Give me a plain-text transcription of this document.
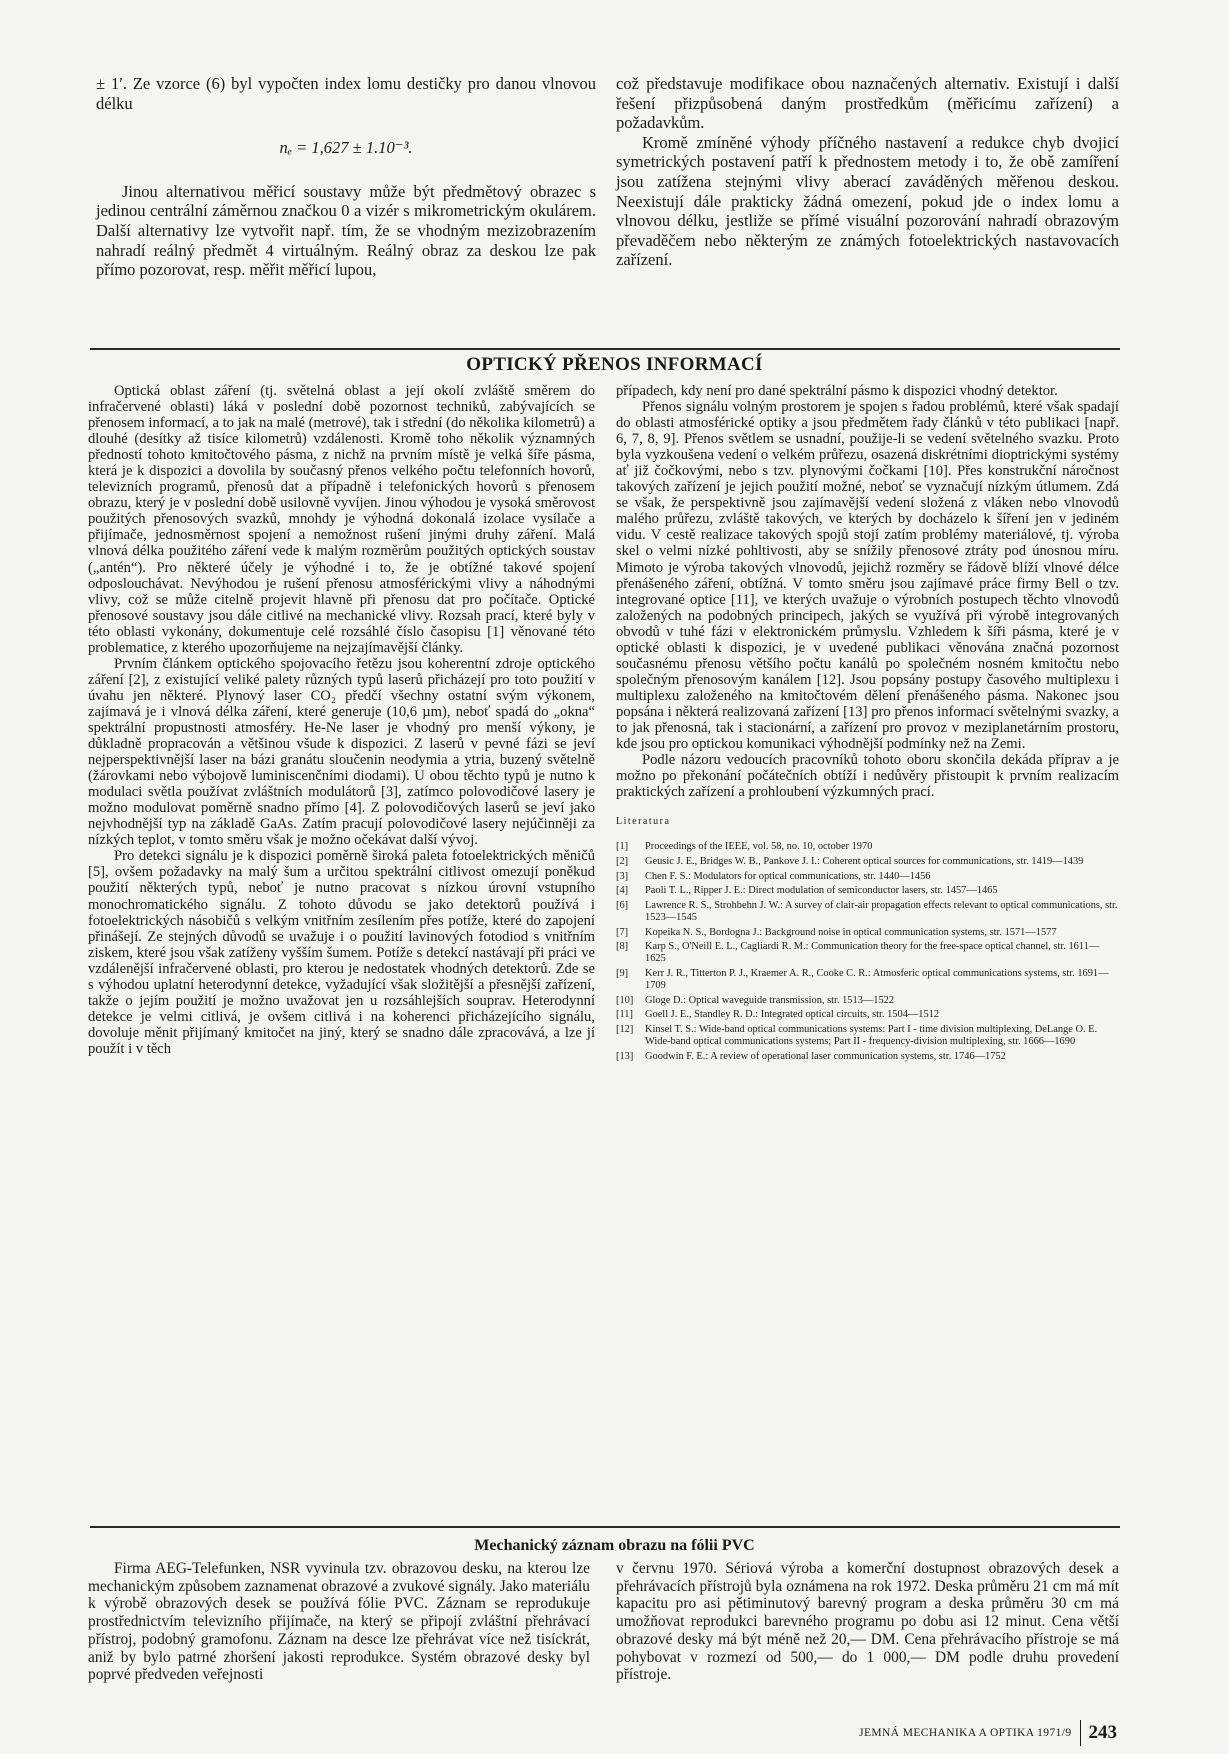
± 1′. Ze vzorce (6) byl vypočten index lomu destičky pro danou vlnovou délku

nₑ = 1,627 ± 1.10⁻³.

Jinou alternativou měřicí soustavy může být předmětový obrazec s jedinou centrální záměrnou značkou 0 a vizér s mikrometrickým okulárem. Další alternativy lze vytvořit např. tím, že se vhodným mezizobrazením nahradí reálný předmět 4 virtuálným. Reálný obraz za deskou lze pak přímo pozorovat, resp. měřit měřicí lupou,

což představuje modifikace obou naznačených alternativ. Existují i další řešení přizpůsobená daným prostředkům (měřicímu zařízení) a požadavkům.

Kromě zmíněné výhody příčného nastavení a redukce chyb dvojicí symetrických postavení patří k přednostem metody i to, že obě zamíření jsou zatížena stejnými vlivy aberací zaváděných měřenou deskou. Neexistují dále prakticky žádná omezení, pokud jde o index lomu a vlnovou délku, jestliže se přímé visuální pozorování nahradí obrazovým převaděčem nebo některým ze známých fotoelektrických nastavovacích zařízení.

OPTICKÝ PŘENOS INFORMACÍ

Optická oblast záření (tj. světelná oblast a její okolí zvláště směrem do infračervené oblasti) láká v poslední době pozornost techniků, zabývajících se přenosem informací, a to jak na malé (metrové), tak i střední (do několika kilometrů) a dlouhé (desítky až tisíce kilometrů) vzdálenosti. Kromě toho několik významných předností tohoto kmitočtového pásma, z nichž na prvním místě je velká šíře pásma, která je k dispozici a dovolila by současný přenos velkého počtu telefonních hovorů, televizních programů, přenosů dat a případně i telefonických hovorů s přenosem obrazu, který je v poslední době usilovně vyvíjen. Jinou výhodou je vysoká směrovost použitých přenosových svazků, mnohdy je výhodná dokonalá izolace vysílače a přijímače, jednosměrnost spojení a nemožnost rušení jinými druhy záření. Malá vlnová délka použitého záření vede k malým rozměrům použitých optických soustav („antén“). Pro některé účely je výhodné i to, že je obtížné takové spojení odposlouchávat. Nevýhodou je rušení přenosu atmosférickými vlivy a náhodnými vlivy, což se může citelně projevit hlavně při přenosu dat pro počítače. Optické přenosové soustavy jsou dále citlivé na mechanické vlivy. Rozsah prací, které byly v této oblasti vykonány, dokumentuje celé rozsáhlé číslo časopisu [1] věnované této problematice, z kterého upozorňujeme na nejzajímavější články.

Prvním článkem optického spojovacího řetězu jsou koherentní zdroje optického záření [2], z existující veliké palety různých typů laserů přicházejí pro toto použití v úvahu jen některé. Plynový laser CO₂ předčí všechny ostatní svým výkonem, zajímavá je i vlnová délka záření, které generuje (10,6 µm), neboť spadá do „okna“ spektrální propustnosti atmosféry. He-Ne laser je vhodný pro menší výkony, je důkladně propracován a většinou všude k dispozici. Z laserů v pevné fázi se jeví nejperspektivnější laser na bázi granátu sloučenin neodymia a ytria, buzený světelně (žárovkami nebo výbojově luminiscenčními diodami). U obou těchto typů je nutno k modulaci světla používat zvláštních modulátorů [3], zatímco polovodičové lasery je možno modulovat poměrně snadno přímo [4]. Z polovodičových laserů se jeví jako nejvhodnější typ na základě GaAs. Zatím pracují polovodičové lasery nejúčinněji za nízkých teplot, v tomto směru však je možno očekávat další vývoj.

Pro detekci signálu je k dispozici poměrně široká paleta fotoelektrických měničů [5], ovšem požadavky na malý šum a určitou spektrální citlivost omezují poněkud použití některých typů, neboť je nutno pracovat s nízkou úrovní vstupního monochromatického signálu. Z tohoto důvodu se jako detektorů používá i fotoelektrických násobičů s velkým vnitřním zesílením přes potíže, které do zapojení přinášejí. Ze stejných důvodů se uvažuje i o použití lavinových fotodiod s vnitřním ziskem, které jsou však zatíženy vyšším šumem. Potíže s detekcí nastávají při práci ve vzdálenější infračervené oblasti, pro kterou je nedostatek vhodných detektorů. Zde se s výhodou uplatní heterodynní detekce, vyžadující však složitější a přesnější zařízení, takže o jejím použití je možno uvažovat jen u rozsáhlejších souprav. Heterodynní detekce je velmi citlivá, je ovšem citlivá i na koherenci přicházejícího signálu, dovoluje měnit přijímaný kmitočet na jiný, který se snadno dále zpracovává, a lze jí použít i v těch

případech, kdy není pro dané spektrální pásmo k dispozici vhodný detektor.

Přenos signálu volným prostorem je spojen s řadou problémů, které však spadají do oblasti atmosférické optiky a jsou předmětem řady článků v této publikaci [např. 6, 7, 8, 9]. Přenos světlem se usnadní, použije-li se vedení světelného svazku. Proto byla vyzkoušena vedení o velkém průřezu, osazená diskrétními dioptrickými systémy ať již čočkovými, nebo s tzv. plynovými čočkami [10]. Přes konstrukční náročnost takových zařízení je jejich použití možné, neboť se vyznačují nízkým útlumem. Zdá se však, že perspektivně jsou zajímavější vedení složená z vláken nebo vlnovodů malého průřezu, zvláště takových, ve kterých by docházelo k šíření jen v jediném vidu. V cestě realizace takových spojů stojí zatím problémy materiálové, tj. výroba skel o velmi nízké pohltivosti, aby se snížily přenosové ztráty pod únosnou míru. Mimoto je výroba takových vlnovodů, jejichž rozměry se řádově blíží vlnové délce přenášeného záření, obtížná. V tomto směru jsou zajímavé práce firmy Bell o tzv. integrované optice [11], ve kterých uvažuje o výrobních postupech těchto vlnovodů založených na podobných principech, jakých se využívá při výrobě integrovaných obvodů v tuhé fázi v elektronickém průmyslu. Vzhledem k šíři pásma, které je v optické oblasti k dispozici, je v uvedené publikaci věnována značná pozornost současnému přenosu většího počtu kanálů po společném nosném kmitočtu nebo společným přenosovým kanálem [12]. Jsou popsány postupy časového multiplexu i multiplexu založeného na kmitočtovém dělení přenášeného pásma. Nakonec jsou popsána i některá realizovaná zařízení [13] pro přenos informací světelnými svazky, a to jak přenosná, tak i stacionární, a zařízení pro provoz v meziplanetárním prostoru, kde jsou pro optickou komunikaci výhodnější podmínky než na Zemi.

Podle názoru vedoucích pracovníků tohoto oboru skončila dekáda příprav a je možno po překonání počátečních obtíží i nedůvěry přistoupit k prvním realizacím praktických zařízení a prohloubení výzkumných prací.

Literatura

[1]	Proceedings of the IEEE, vol. 58, no. 10, october 1970
[2]	Geusic J. E., Bridges W. B., Pankove J. I.: Coherent optical sources for communications, str. 1419—1439
[3]	Chen F. S.: Modulators for optical communications, str. 1440—1456
[4]	Paoli T. L., Ripper J. E.: Direct modulation of semiconductor lasers, str. 1457—1465
[6]	Lawrence R. S., Strohbehn J. W.: A survey of clair-air propagation effects relevant to optical communications, str. 1523—1545
[7]	Kopeika N. S., Bordogna J.: Background noise in optical communication systems, str. 1571—1577
[8]	Karp S., O'Neill E. L., Cagliardi R. M.: Communication theory for the free-space optical channel, str. 1611—1625
[9]	Kerr J. R., Titterton P. J., Kraemer A. R., Cooke C. R.: Atmosferic optical communications systems, str. 1691—1709
[10]	Gloge D.: Optical waveguide transmission, str. 1513—1522
[11]	Goell J. E., Standley R. D.: Integrated optical circuits, str. 1504—1512
[12]	Kinsel T. S.: Wide-band optical communications systems: Part I - time division multiplexing, DeLange O. E. Wide-band optical communications systems; Part II - frequency-division multiplexing, str. 1666—1690
[13]	Goodwin F. E.: A review of operational laser communication systems, str. 1746—1752
Mechanický záznam obrazu na fólii PVC

Firma AEG-Telefunken, NSR vyvinula tzv. obrazovou desku, na kterou lze mechanickým způsobem zaznamenat obrazové a zvukové signály. Jako materiálu k výrobě obrazových desek se používá fólie PVC. Záznam se reprodukuje prostřednictvím televizního přijímače, na který se připojí zvláštní přehrávací přístroj, podobný gramofonu. Záznam na desce lze přehrávat více než tisíckrát, aniž by bylo patrné zhoršení jakosti reprodukce. Systém obrazové desky byl poprvé předveden veřejnosti

v červnu 1970. Sériová výroba a komerční dostupnost obrazových desek a přehrávacích přístrojů byla oznámena na rok 1972. Deska průměru 21 cm má mít kapacitu pro asi pětiminutový barevný program a deska průměru 30 cm má umožňovat reprodukci barevného programu po dobu asi 12 minut. Cena větší obrazové desky má být méně než 20,— DM. Cena přehrávacího přístroje se má pohybovat v rozmezí od 500,— do 1 000,— DM podle druhu provedení přístroje.

JEMNÁ MECHANIKA A OPTIKA 1971/9 243
